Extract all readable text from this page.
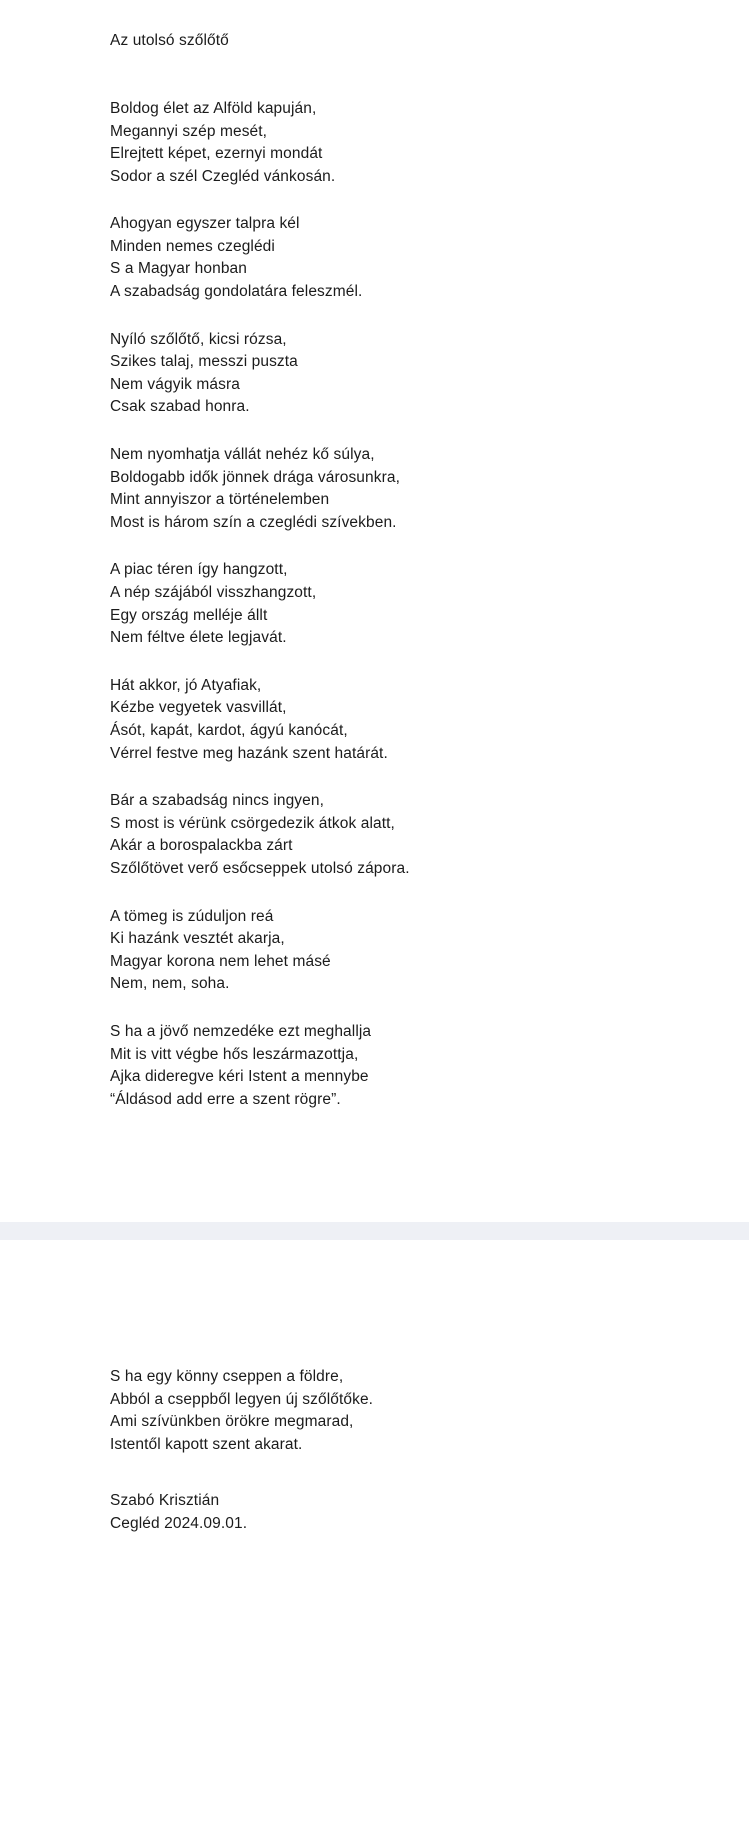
Az utolsó szőlőtő
Boldog élet az Alföld kapuján,
Megannyi szép mesét,
Elrejtett képet, ezernyi mondát
Sodor a szél Czegléd vánkosán.
Ahogyan egyszer talpra kél
Minden nemes czeglédi
S a Magyar honban
A szabadság gondolatára feleszmél.
Nyíló szőlőtő, kicsi rózsa,
Szikes talaj, messzi puszta
Nem vágyik másra
Csak szabad honra.
Nem nyomhatja vállát nehéz kő súlya,
Boldogabb idők jönnek drága városunkra,
Mint annyiszor a történelemben
Most is három szín a czeglédi szívekben.
A piac téren így hangzott,
A nép szájából visszhangzott,
Egy ország melléje állt
Nem féltve élete legjavát.
Hát akkor, jó Atyafiak,
Kézbe vegyetek vasvillát,
Ásót, kapát, kardot, ágyú kanócát,
Vérrel festve meg hazánk szent határát.
Bár a szabadság nincs ingyen,
S most is vérünk csörgedezik átkok alatt,
Akár a borospalackba zárt
Szőlőtövet verő esőcseppek utolsó zápora.
A tömeg is zúduljon reá
Ki hazánk vesztét akarja,
Magyar korona nem lehet másé
Nem, nem, soha.
S ha a jövő nemzedéke ezt meghallja
Mit is vitt végbe hős leszármazottja,
Ajka dideregve kéri Istent a mennybe
“Áldásod add erre a szent rögre”.
S ha egy könny cseppen a földre,
Abból a cseppből legyen új szőlőtőke.
Ami szívünkben örökre megmarad,
Istentől kapott szent akarat.
Szabó Krisztián
Cegléd 2024.09.01.
